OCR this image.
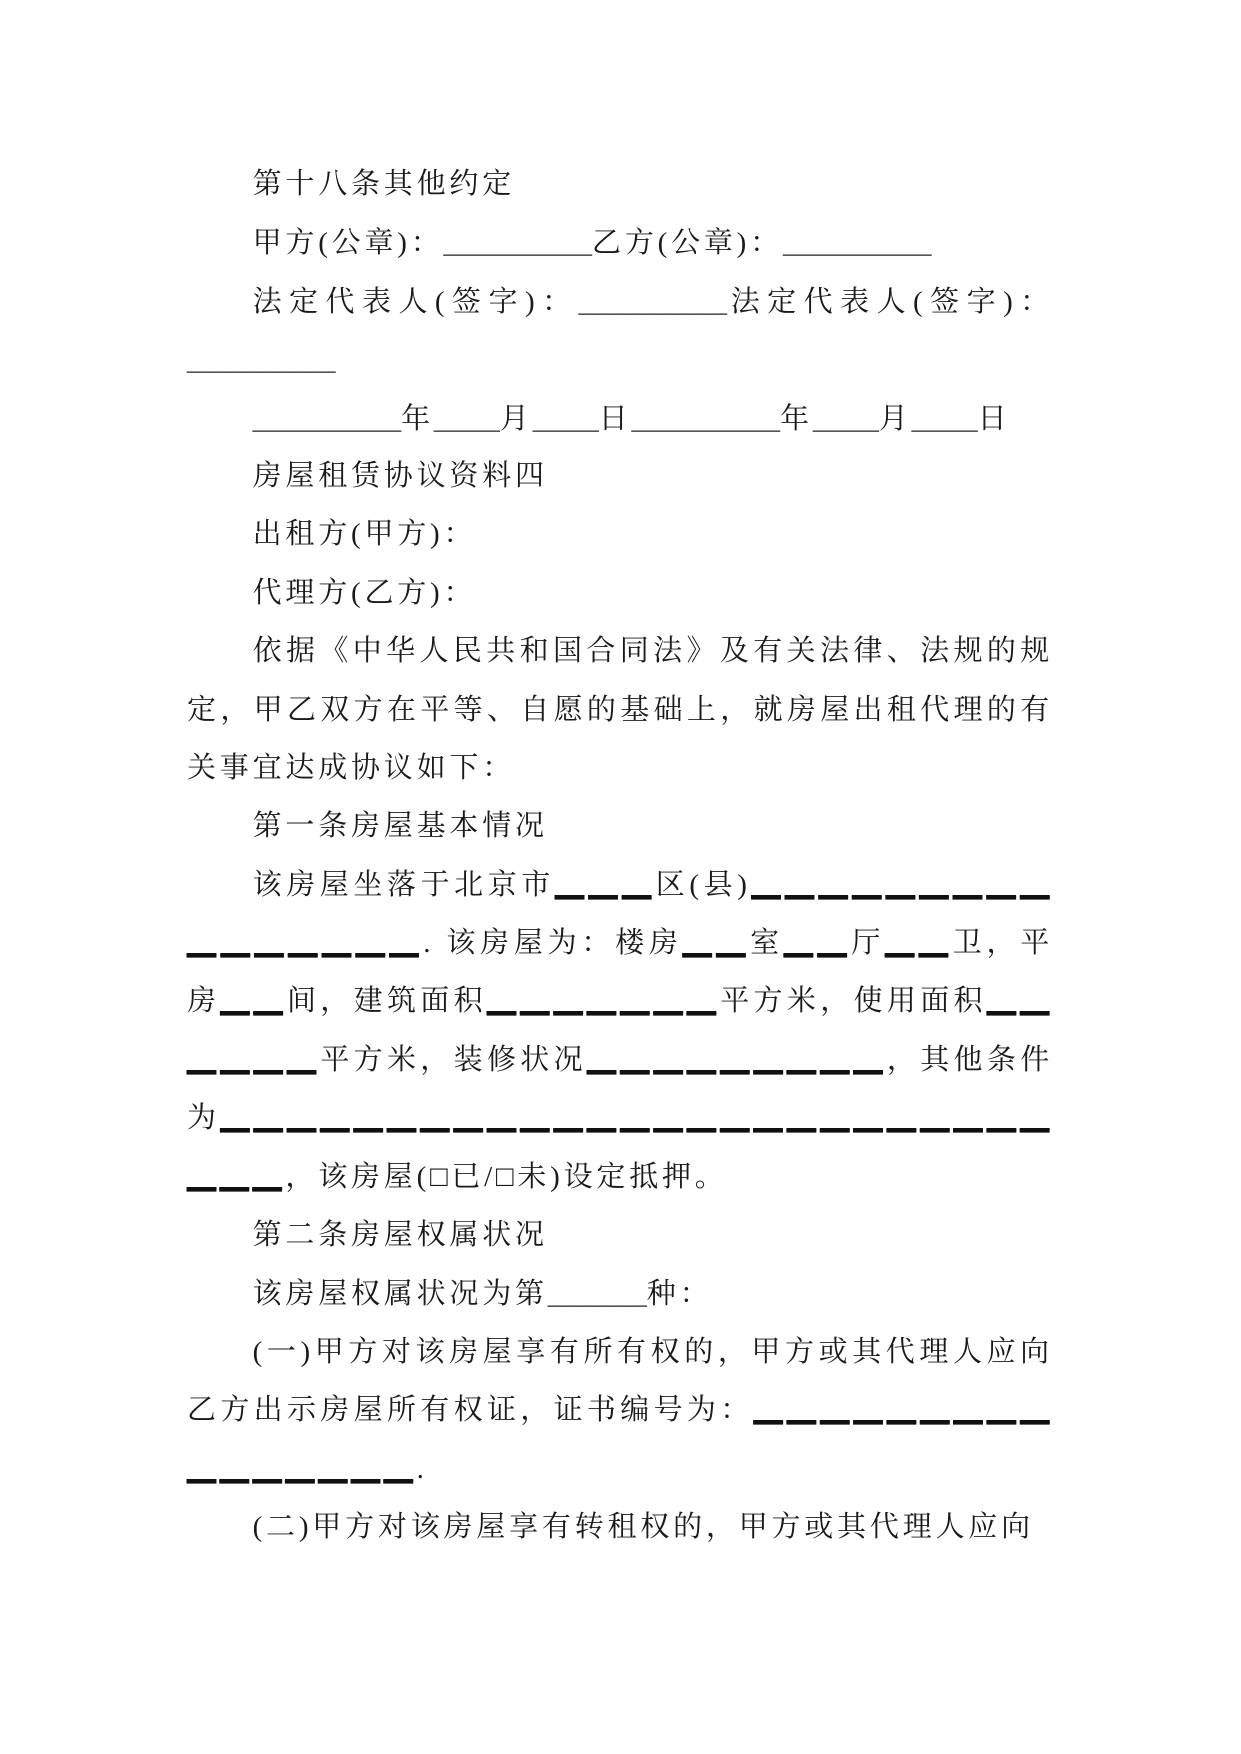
第十八条其他约定
甲方(公章)：_________乙方(公章)：_________
法定代表人(签字)：_________法定代表人(签字)：
_________
_________年____月____日_________年____月____日
房屋租赁协议资料四
出租方(甲方)：
代理方(乙方)：
依据《中华人民共和国合同法》及有关法律、法规的规
定，甲乙双方在平等、自愿的基础上，就房屋出租代理的有
关事宜达成协议如下：
第一条房屋基本情况
该房屋坐落于北京市＿＿＿区(县)＿＿＿＿＿＿＿＿＿
＿＿＿＿＿＿＿. 该房屋为：楼房＿＿室＿＿厅＿＿卫，平
房＿＿间，建筑面积＿＿＿＿＿＿＿平方米，使用面积＿＿
＿＿＿＿平方米，装修状况＿＿＿＿＿＿＿＿＿，其他条件
为＿＿＿＿＿＿＿＿＿＿＿＿＿＿＿＿＿＿＿＿＿＿＿＿＿
＿＿＿，该房屋(□已/□未)设定抵押。
第二条房屋权属状况
该房屋权属状况为第______种：
(一)甲方对该房屋享有所有权的，甲方或其代理人应向
乙方出示房屋所有权证，证书编号为：＿＿＿＿＿＿＿＿＿
＿＿＿＿＿＿＿.
(二)甲方对该房屋享有转租权的，甲方或其代理人应向
